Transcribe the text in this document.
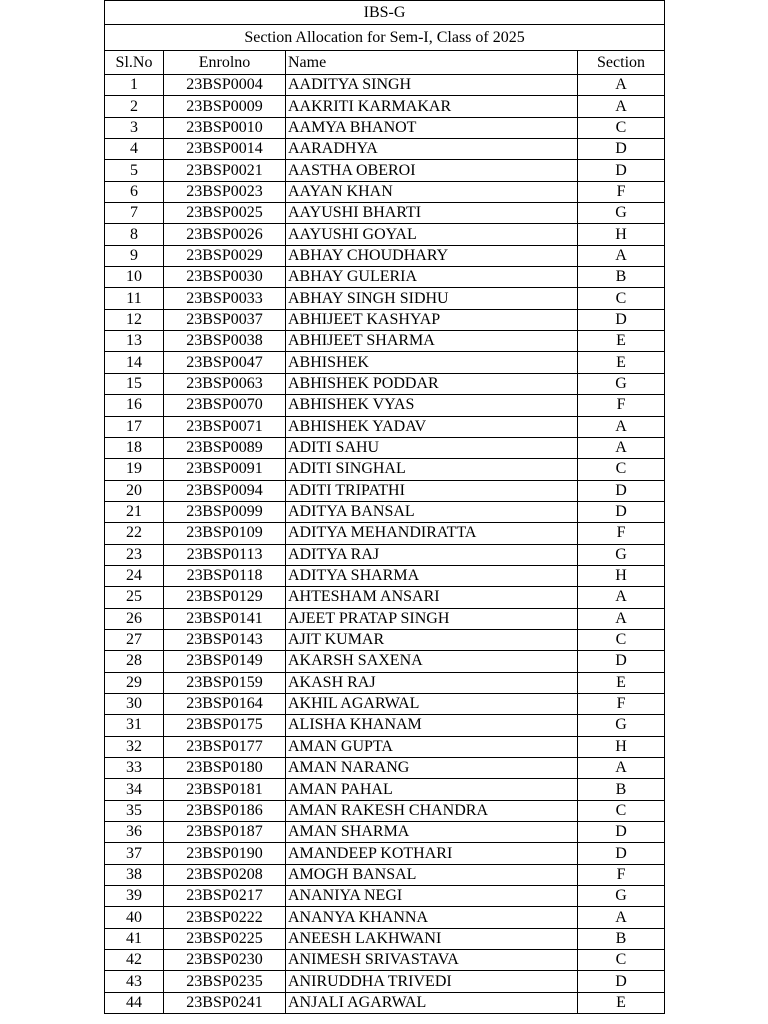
IBS-G			
Section Allocation for Sem-I, Class of 2025			
Sl.No	Enrolno	Name	Section
1	23BSP0004	AADITYA SINGH	A
2	23BSP0009	AAKRITI KARMAKAR	A
3	23BSP0010	AAMYA BHANOT	C
4	23BSP0014	AARADHYA	D
5	23BSP0021	AASTHA OBEROI	D
6	23BSP0023	AAYAN KHAN	F
7	23BSP0025	AAYUSHI BHARTI	G
8	23BSP0026	AAYUSHI GOYAL	H
9	23BSP0029	ABHAY CHOUDHARY	A
10	23BSP0030	ABHAY GULERIA	B
11	23BSP0033	ABHAY SINGH SIDHU	C
12	23BSP0037	ABHIJEET KASHYAP	D
13	23BSP0038	ABHIJEET SHARMA	E
14	23BSP0047	ABHISHEK	E
15	23BSP0063	ABHISHEK PODDAR	G
16	23BSP0070	ABHISHEK VYAS	F
17	23BSP0071	ABHISHEK YADAV	A
18	23BSP0089	ADITI SAHU	A
19	23BSP0091	ADITI SINGHAL	C
20	23BSP0094	ADITI TRIPATHI	D
21	23BSP0099	ADITYA BANSAL	D
22	23BSP0109	ADITYA MEHANDIRATTA	F
23	23BSP0113	ADITYA RAJ	G
24	23BSP0118	ADITYA SHARMA	H
25	23BSP0129	AHTESHAM ANSARI	A
26	23BSP0141	AJEET PRATAP SINGH	A
27	23BSP0143	AJIT KUMAR	C
28	23BSP0149	AKARSH SAXENA	D
29	23BSP0159	AKASH RAJ	E
30	23BSP0164	AKHIL AGARWAL	F
31	23BSP0175	ALISHA KHANAM	G
32	23BSP0177	AMAN GUPTA	H
33	23BSP0180	AMAN NARANG	A
34	23BSP0181	AMAN PAHAL	B
35	23BSP0186	AMAN RAKESH CHANDRA	C
36	23BSP0187	AMAN SHARMA	D
37	23BSP0190	AMANDEEP KOTHARI	D
38	23BSP0208	AMOGH BANSAL	F
39	23BSP0217	ANANIYA NEGI	G
40	23BSP0222	ANANYA KHANNA	A
41	23BSP0225	ANEESH LAKHWANI	B
42	23BSP0230	ANIMESH SRIVASTAVA	C
43	23BSP0235	ANIRUDDHA TRIVEDI	D
44	23BSP0241	ANJALI AGARWAL	E
